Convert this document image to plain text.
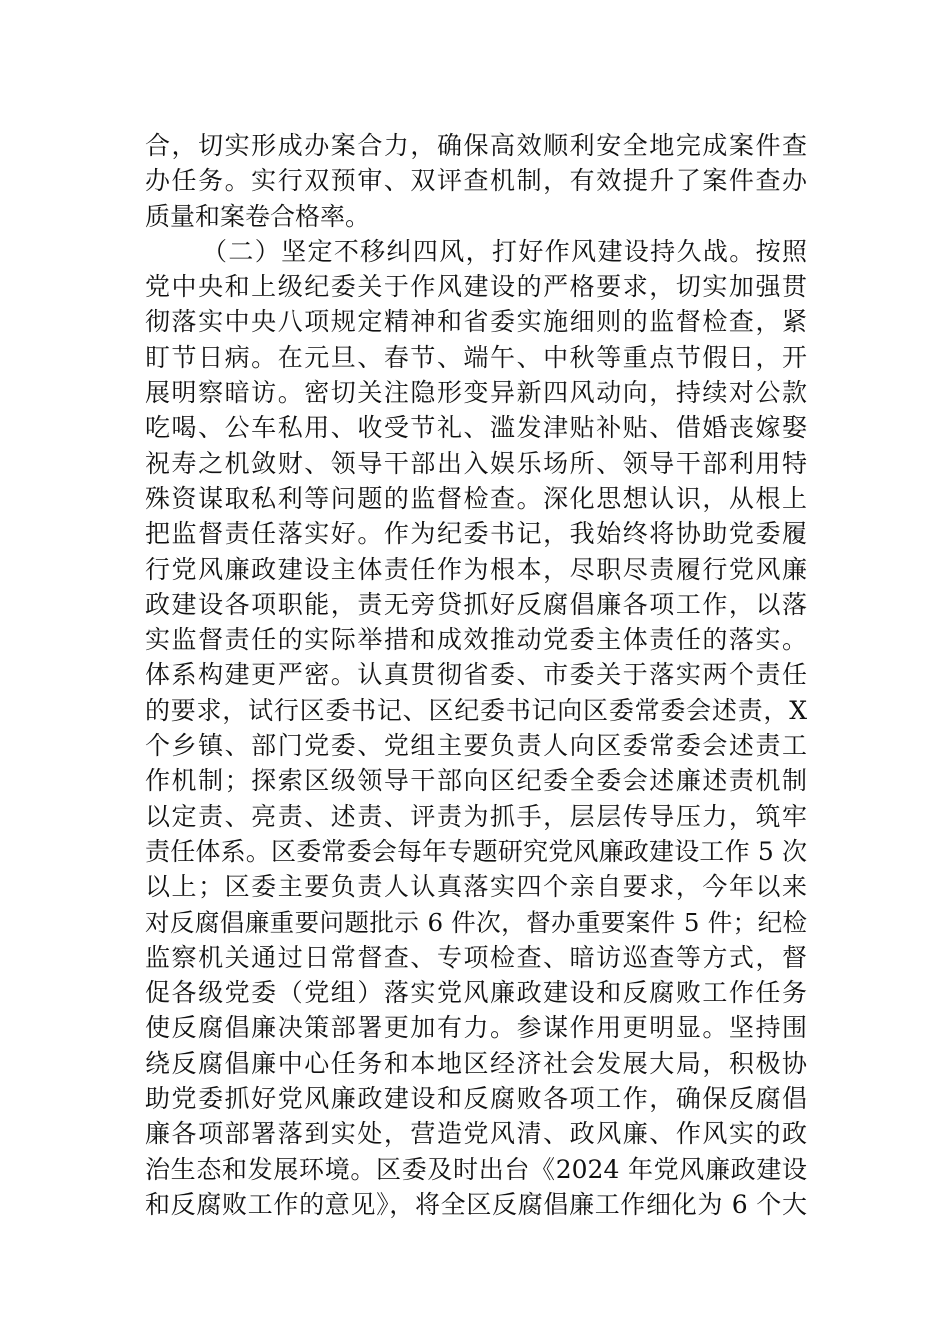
合，切实形成办案合力，确保高效顺利安全地完成案件查
办任务。实行双预审、双评查机制，有效提升了案件查办
质量和案卷合格率。
（二）坚定不移纠四风，打好作风建设持久战。按照
党中央和上级纪委关于作风建设的严格要求，切实加强贯
彻落实中央八项规定精神和省委实施细则的监督检查，紧
盯节日病。在元旦、春节、端午、中秋等重点节假日，开
展明察暗访。密切关注隐形变异新四风动向，持续对公款
吃喝、公车私用、收受节礼、滥发津贴补贴、借婚丧嫁娶
祝寿之机敛财、领导干部出入娱乐场所、领导干部利用特
殊资谋取私利等问题的监督检查。深化思想认识，从根上
把监督责任落实好。作为纪委书记，我始终将协助党委履
行党风廉政建设主体责任作为根本，尽职尽责履行党风廉
政建设各项职能，责无旁贷抓好反腐倡廉各项工作，以落
实监督责任的实际举措和成效推动党委主体责任的落实。
体系构建更严密。认真贯彻省委、市委关于落实两个责任
的要求，试行区委书记、区纪委书记向区委常委会述责，X
个乡镇、部门党委、党组主要负责人向区委常委会述责工
作机制；探索区级领导干部向区纪委全委会述廉述责机制
以定责、亮责、述责、评责为抓手，层层传导压力，筑牢
责任体系。区委常委会每年专题研究党风廉政建设工作 5 次
以上；区委主要负责人认真落实四个亲自要求，今年以来
对反腐倡廉重要问题批示 6 件次，督办重要案件 5 件；纪检
监察机关通过日常督查、专项检查、暗访巡查等方式，督
促各级党委（党组）落实党风廉政建设和反腐败工作任务
使反腐倡廉决策部署更加有力。参谋作用更明显。坚持围
绕反腐倡廉中心任务和本地区经济社会发展大局，积极协
助党委抓好党风廉政建设和反腐败各项工作，确保反腐倡
廉各项部署落到实处，营造党风清、政风廉、作风实的政
治生态和发展环境。区委及时出台《2024 年党风廉政建设
和反腐败工作的意见》，将全区反腐倡廉工作细化为 6 个大
